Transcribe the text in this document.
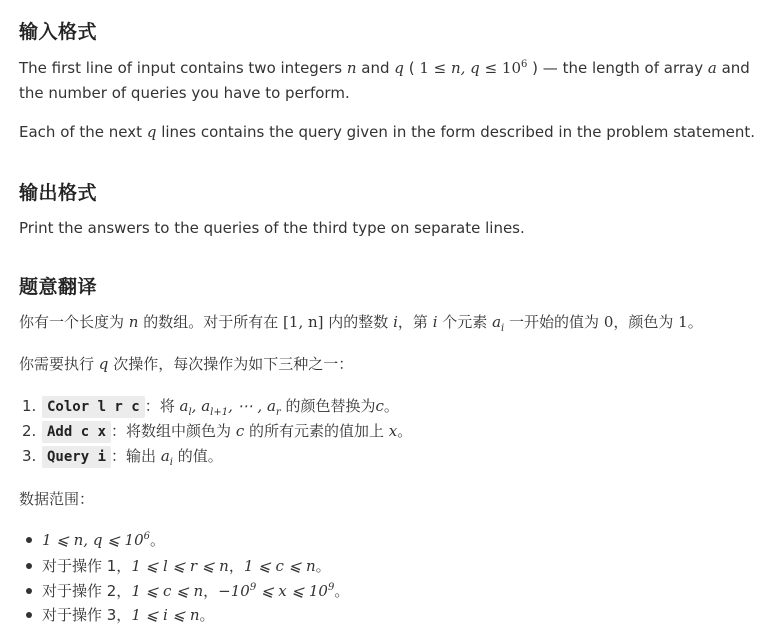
输入格式

The first line of input contains two integers n and q ( 1 ≤ n, $q \le 10^6$ ) — the length of array a and

the number of queries you have to perform.

Each of the next q lines contains the query given in the form described in the problem statement.

输出格式

Print the answers to the queries of the third type on separate lines.

题意翻译

你有一个长度为 n 的数组。对于所有在 [1, n] 内的整数 i，第 i 个元素 $a_i$ 一开始的值为 0，颜色为 1。

你需要执行 q 次操作，每次操作为如下三种之一：

1. Color l r c ：将 $a_l$, $a_{l+1}$, ⋯ , $a_r$ 的颜色替换为c。
2. Add c x ：将数组中颜色为 c 的所有元素的值加上 x。
3. Query i ：输出 $a_i$ 的值。

数据范围：

1 ⩽ n, q ⩽ $10^6$。
对于操作 1，1 ⩽ l ⩽ r ⩽ n，1 ⩽ c ⩽ n。
对于操作 2，1 ⩽ c ⩽ n，$-10^9$ ⩽ x ⩽ $10^9$。
对于操作 3，1 ⩽ i ⩽ n。
